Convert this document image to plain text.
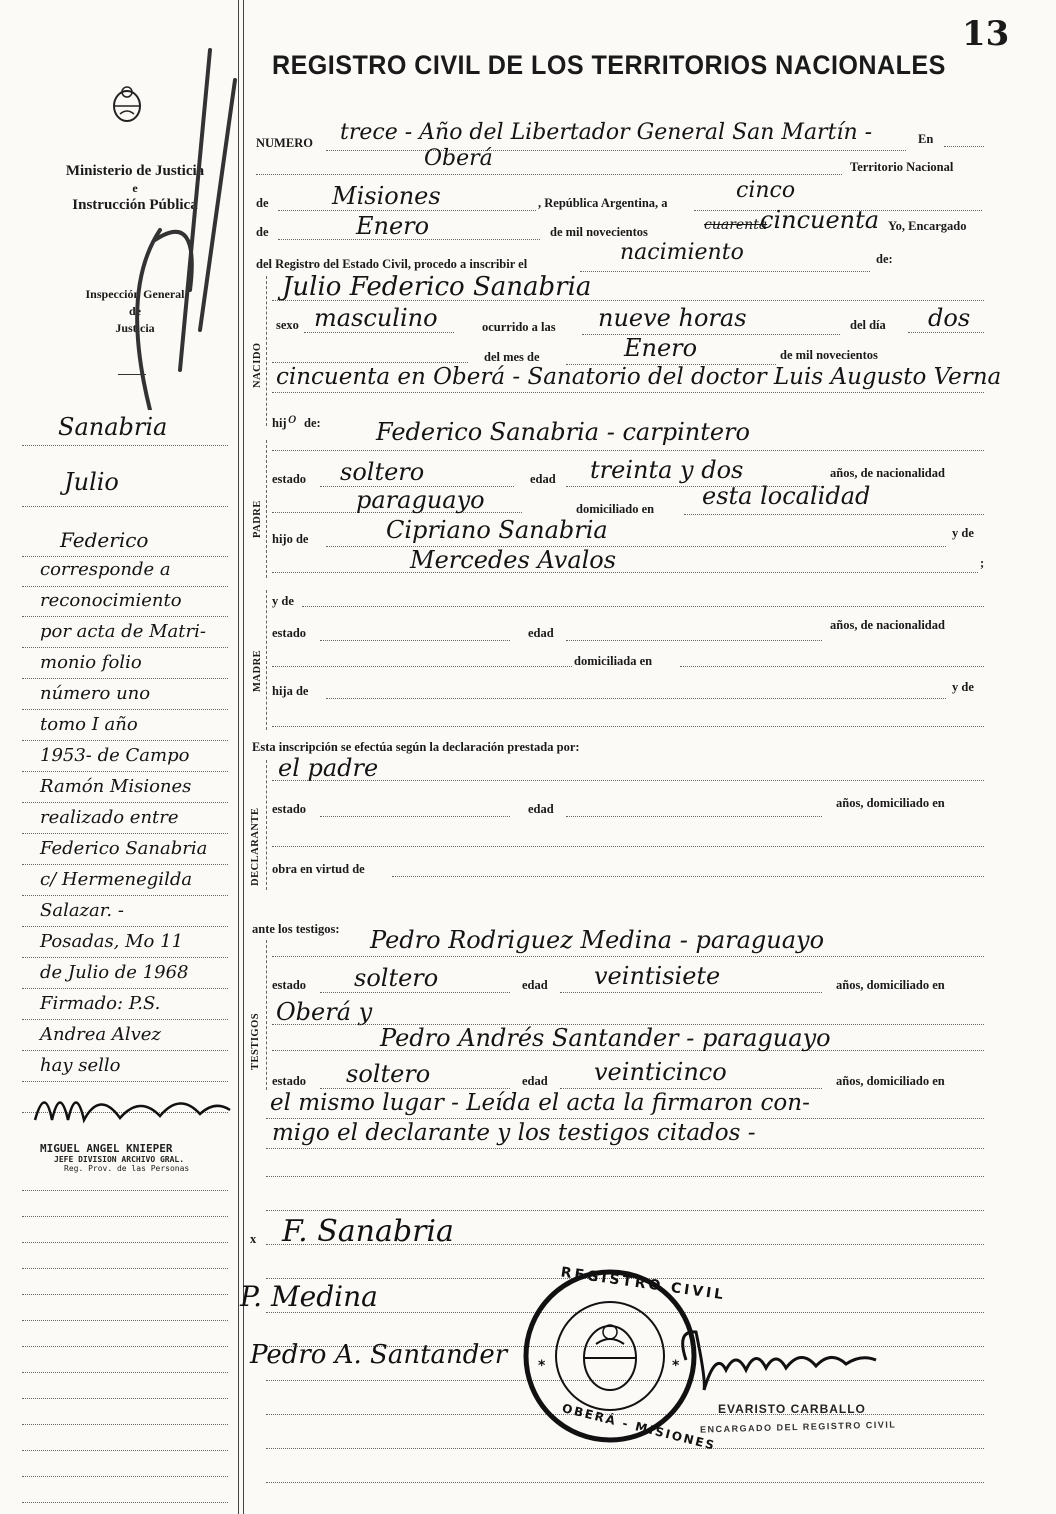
13
Ministerio de Justicia
e
Instrucción Pública
Inspección General
de
Justicia
Sanabria
Julio
Federico
corresponde a
reconocimiento
por acta de Matri-
monio folio
número uno
tomo I año
1953- de Campo
Ramón Misiones
realizado entre
Federico Sanabria
c/ Hermenegilda
Salazar. -
Posadas, Mo 11
de Julio de 1968
Firmado: P.S.
Andrea Alvez
hay sello
MIGUEL ANGEL KNIEPER
JEFE DIVISION ARCHIVO GRAL.
Reg. Prov. de las Personas
REGISTRO CIVIL DE LOS TERRITORIOS NACIONALES
NUMERO trece - Año del Libertador General San Martín -	En
Oberá	Territorio Nacional
de	Misiones	, República Argentina, a	cinco
de	Enero	de mil novecientos	cuarenta
cincuenta Yo, Encargado
del Registro del Estado Civil, procedo a inscribir el	nacimiento	de:
NACIDO
Julio Federico Sanabria
sexo masculino	ocurrido a las nueve horas	del día dos
del mes de	Enero	de mil novecientos
cincuenta en Oberá - Sanatorio del doctor Luis Augusto Verna
hij o de:
PADRE
Federico Sanabria - carpintero
estado soltero	edad treinta y dos	años, de nacionalidad
paraguayo	domiciliado en esta localidad
hijo de	Cipriano Sanabria	y de
Mercedes Avalos	;
MADRE
y de
estado	edad
años, de nacionalidad
domiciliada en
hija de	y de
Esta inscripción se efectúa según la declaración prestada por:
DECLARANTE
el padre
estado	edad	años, domiciliado en
obra en virtud de
ante los testigos:
TESTIGOS
Pedro Rodriguez Medina - paraguayo
estado soltero	edad veintisiete	años, domiciliado en
Oberá y
Pedro Andrés Santander - paraguayo
estado soltero	edad veinticinco	años, domiciliado en
el mismo lugar - Leída el acta la firmaron con-
migo el declarante y los testigos citados -
x F. Sanabria
P. Medina
Pedro A. Santander *	*
REGISTRO CIVIL
OBERÁ - MISIONES EVARISTO CARBALLO
ENCARGADO DEL REGISTRO CIVIL
